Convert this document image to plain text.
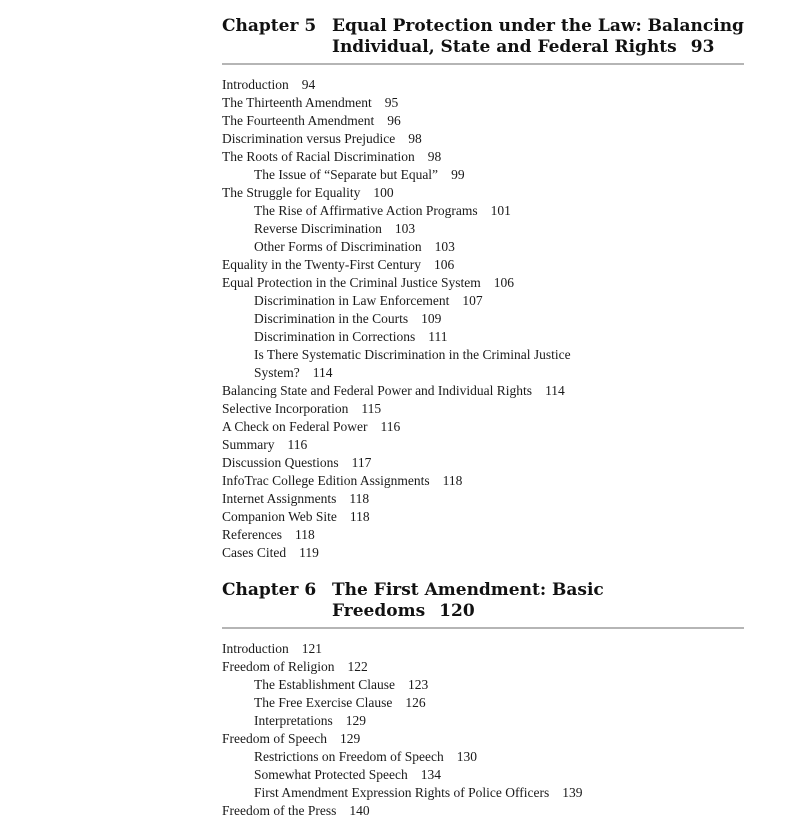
Chapter 5 Equal Protection under the Law: Balancing Individual, State and Federal Rights 93
Introduction 94
The Thirteenth Amendment 95
The Fourteenth Amendment 96
Discrimination versus Prejudice 98
The Roots of Racial Discrimination 98
The Issue of “Separate but Equal” 99
The Struggle for Equality 100
The Rise of Affirmative Action Programs 101
Reverse Discrimination 103
Other Forms of Discrimination 103
Equality in the Twenty-First Century 106
Equal Protection in the Criminal Justice System 106
Discrimination in Law Enforcement 107
Discrimination in the Courts 109
Discrimination in Corrections 111
Is There Systematic Discrimination in the Criminal Justice System? 114
Balancing State and Federal Power and Individual Rights 114
Selective Incorporation 115
A Check on Federal Power 116
Summary 116
Discussion Questions 117
InfoTrac College Edition Assignments 118
Internet Assignments 118
Companion Web Site 118
References 118
Cases Cited 119
Chapter 6 The First Amendment: Basic Freedoms 120
Introduction 121
Freedom of Religion 122
The Establishment Clause 123
The Free Exercise Clause 126
Interpretations 129
Freedom of Speech 129
Restrictions on Freedom of Speech 130
Somewhat Protected Speech 134
First Amendment Expression Rights of Police Officers 139
Freedom of the Press 140
